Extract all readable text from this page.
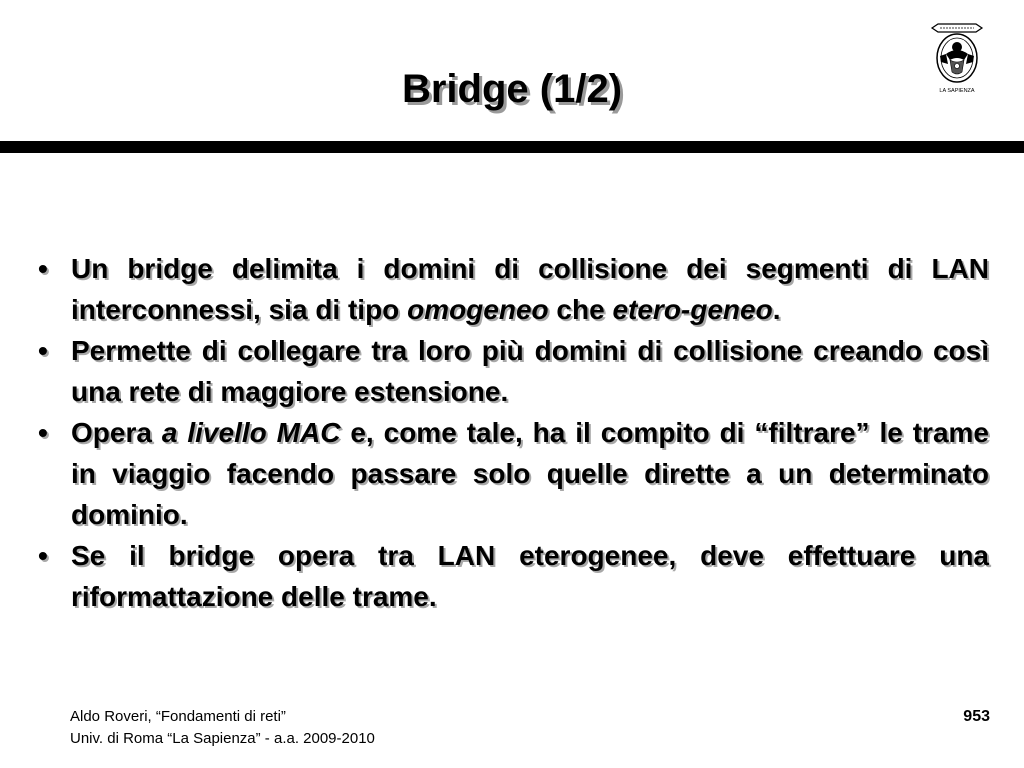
Bridge (1/2)	LA SAPIENZA
• Un bridge delimita i domini di collisione dei segmenti di LAN interconnessi, sia di tipo omogeneo che etero-geneo.
• Permette di collegare tra loro più domini di collisione creando così una rete di maggiore estensione.
• Opera a livello MAC e, come tale, ha il compito di “filtrare” le trame in viaggio facendo passare solo quelle dirette a un determinato dominio.
• Se il bridge opera tra LAN eterogenee, deve effettuare una riformattazione delle trame.
Aldo Roveri, “Fondamenti di reti”
Univ. di Roma “La Sapienza” - a.a. 2009-2010
953
